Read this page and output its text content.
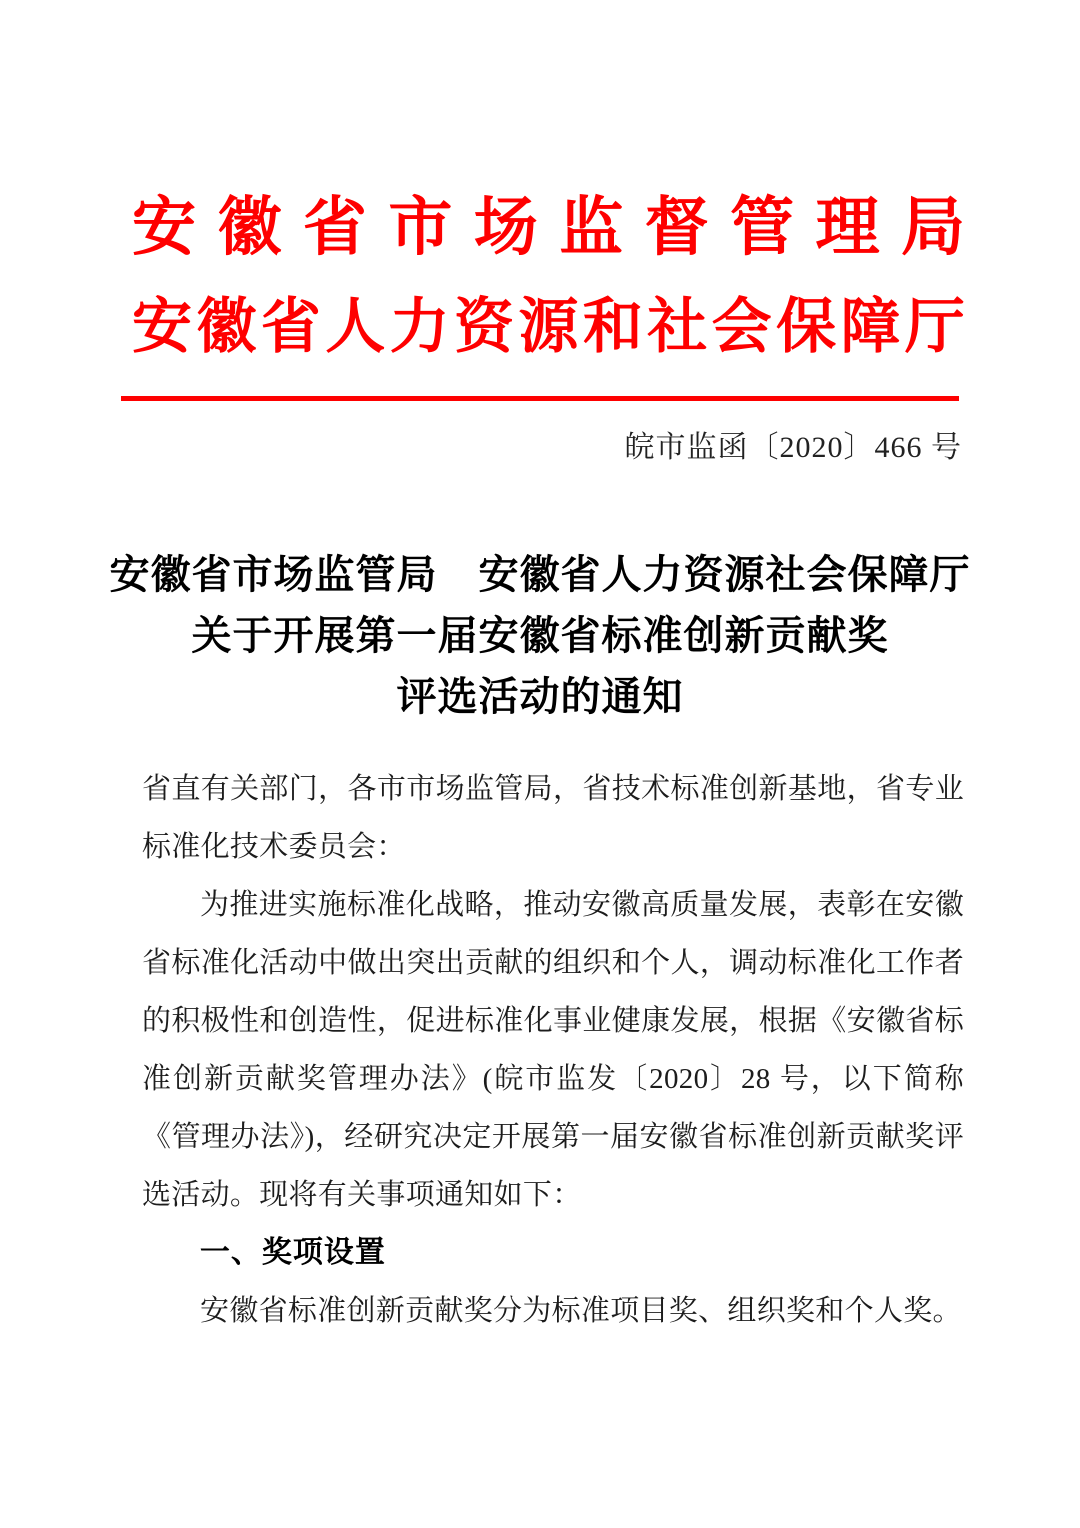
安 徽 省 市 场 监 督 管 理 局
安 徽 省 人 力 资 源 和 社 会 保 障 厅
皖市监函〔2020〕466 号
安徽省市场监管局　安徽省人力资源社会保障厅
关于开展第一届安徽省标准创新贡献奖
评选活动的通知

省直有关部门，各市市场监管局，省技术标准创新基地，省专业标准化技术委员会：

为推进实施标准化战略，推动安徽高质量发展，表彰在安徽省标准化活动中做出突出贡献的组织和个人，调动标准化工作者的积极性和创造性，促进标准化事业健康发展，根据《安徽省标准创新贡献奖管理办法》(皖市监发〔2020〕28 号，以下简称《管理办法》)，经研究决定开展第一届安徽省标准创新贡献奖评选活动。现将有关事项通知如下：

一、奖项设置

安徽省标准创新贡献奖分为标准项目奖、组织奖和个人奖。
